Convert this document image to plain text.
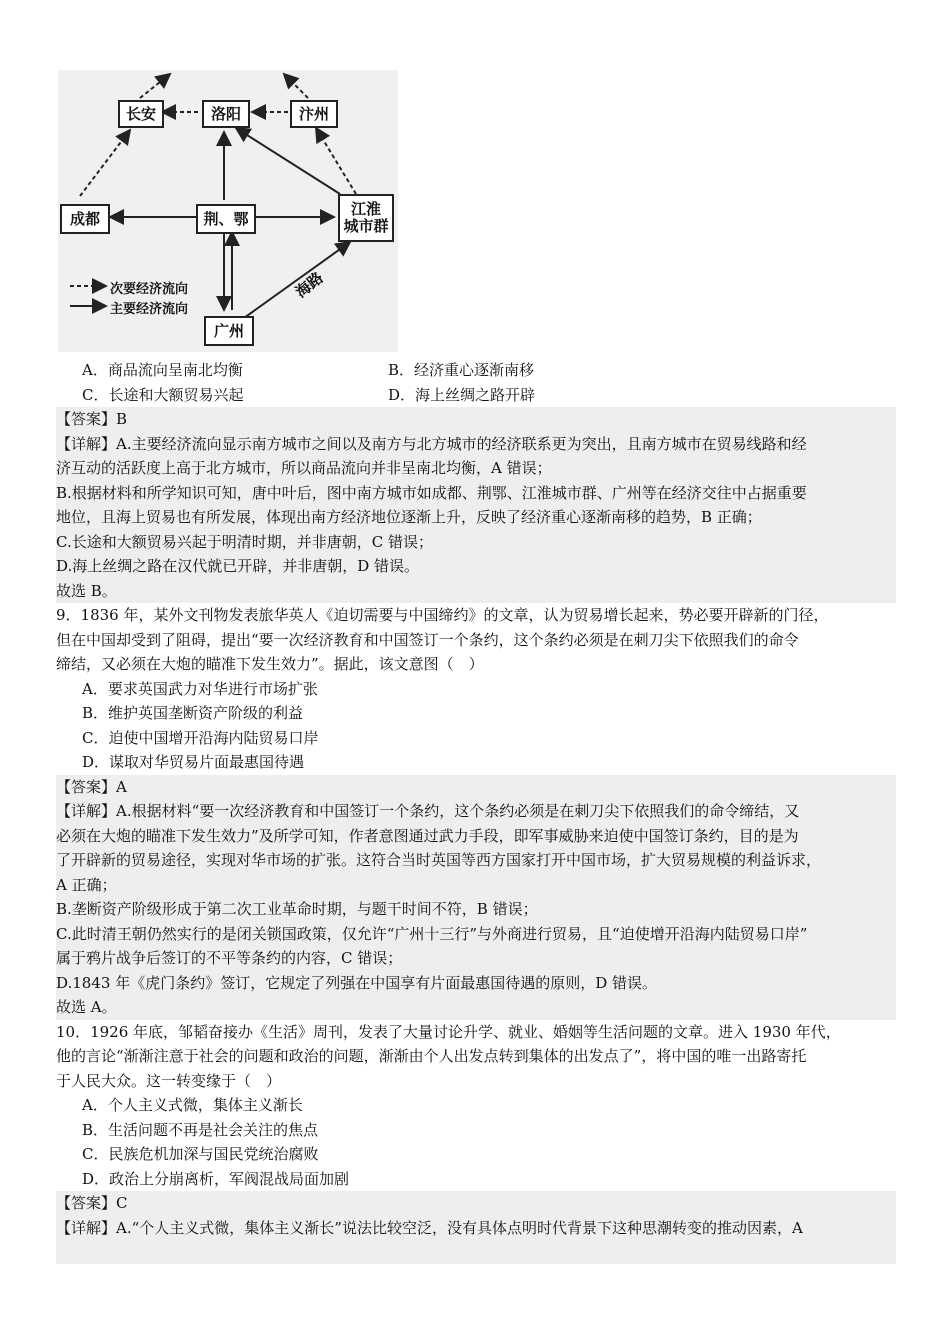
长安	洛阳	汴州
成都	荆、鄂
江淮
城市群
广州
次要经济流向
主要经济流向
海路
A．商品流向呈南北均衡	B．经济重心逐渐南移
C．长途和大额贸易兴起	D．海上丝绸之路开辟
【答案】B
【详解】A.主要经济流向显示南方城市之间以及南方与北方城市的经济联系更为突出，且南方城市在贸易线路和经
济互动的活跃度上高于北方城市，所以商品流向并非呈南北均衡，A 错误；
B.根据材料和所学知识可知，唐中叶后，图中南方城市如成都、荆鄂、江淮城市群、广州等在经济交往中占据重要
地位，且海上贸易也有所发展，体现出南方经济地位逐渐上升，反映了经济重心逐渐南移的趋势，B 正确；
C.长途和大额贸易兴起于明清时期，并非唐朝，C 错误；
D.海上丝绸之路在汉代就已开辟，并非唐朝，D 错误。
故选 B。
9．1836 年，某外文刊物发表旅华英人《迫切需要与中国缔约》的文章，认为贸易增长起来，势必要开辟新的门径，
但在中国却受到了阻碍，提出“要一次经济教育和中国签订一个条约，这个条约必须是在刺刀尖下依照我们的命令
缔结，又必须在大炮的瞄准下发生效力”。据此，该文意图（　）
A．要求英国武力对华进行市场扩张
B．维护英国垄断资产阶级的利益
C．迫使中国增开沿海内陆贸易口岸
D．谋取对华贸易片面最惠国待遇
【答案】A
【详解】A.根据材料“要一次经济教育和中国签订一个条约，这个条约必须是在刺刀尖下依照我们的命令缔结，又
必须在大炮的瞄准下发生效力”及所学可知，作者意图通过武力手段，即军事威胁来迫使中国签订条约，目的是为
了开辟新的贸易途径，实现对华市场的扩张。这符合当时英国等西方国家打开中国市场，扩大贸易规模的利益诉求，
A 正确；
B.垄断资产阶级形成于第二次工业革命时期，与题干时间不符，B 错误；
C.此时清王朝仍然实行的是闭关锁国政策，仅允许“广州十三行”与外商进行贸易，且“迫使增开沿海内陆贸易口岸”
属于鸦片战争后签订的不平等条约的内容，C 错误；
D.1843 年《虎门条约》签订，它规定了列强在中国享有片面最惠国待遇的原则，D 错误。
故选 A。
10．1926 年底，邹韬奋接办《生活》周刊，发表了大量讨论升学、就业、婚姻等生活问题的文章。进入 1930 年代，
他的言论“渐渐注意于社会的问题和政治的问题，渐渐由个人出发点转到集体的出发点了”，将中国的唯一出路寄托
于人民大众。这一转变缘于（　）
A．个人主义式微，集体主义渐长
B．生活问题不再是社会关注的焦点
C．民族危机加深与国民党统治腐败
D．政治上分崩离析，军阀混战局面加剧
【答案】C
【详解】A.“个人主义式微，集体主义渐长”说法比较空泛，没有具体点明时代背景下这种思潮转变的推动因素，A
